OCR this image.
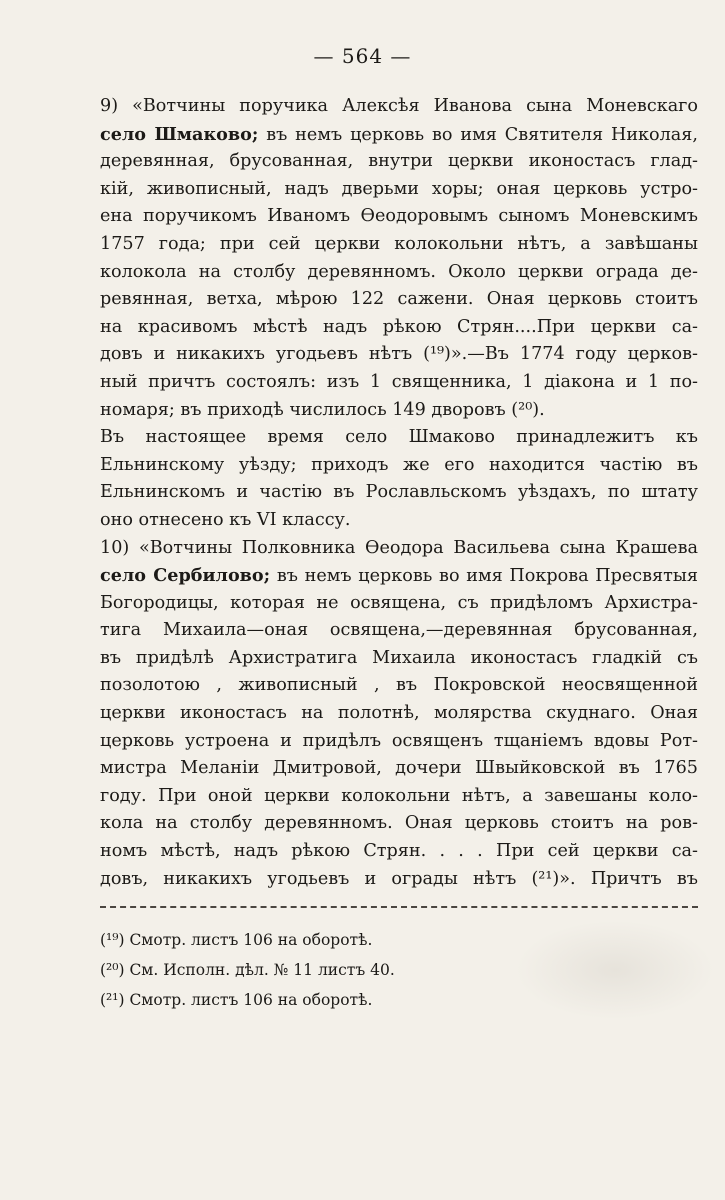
— 564 —
9) «Вотчины поручика Алексѣя Иванова сына Моневскаго
село Шмаково; въ немъ церковь во имя Святителя Николая,
деревянная, брусованная, внутри церкви иконостасъ глад-
кій, живописный, надъ дверьми хоры; оная церковь устро-
ена поручикомъ Иваномъ Ѳеодоровымъ сыномъ Моневскимъ
1757 года; при сей церкви колокольни нѣтъ, а завѣшаны
колокола на столбу деревянномъ. Около церкви ограда де-
ревянная, ветха, мѣрою 122 сажени. Оная церковь стоитъ
на красивомъ мѣстѣ надъ рѣкою Стрян....При церкви са-
довъ и никакихъ угодьевъ нѣтъ (¹⁹)».—Въ 1774 году церков-
ный причтъ состоялъ: изъ 1 священника, 1 діакона и 1 по-
номаря; въ приходѣ числилось 149 дворовъ (²⁰).
Въ настоящее время село Шмаково принадлежитъ къ
Ельнинскому уѣзду; приходъ же его находится частію въ
Ельнинскомъ и частію въ Рославльскомъ уѣздахъ, по штату
оно отнесено къ VI классу.
10) «Вотчины Полковника Ѳеодора Васильева сына Крашева
село Сербилово; въ немъ церковь во имя Покрова Пресвятыя
Богородицы, которая не освящена, съ придѣломъ Архистра-
тига Михаила—оная освящена,—деревянная брусованная,
въ придѣлѣ Архистратига Михаила иконостасъ гладкій съ
позолотою , живописный , въ Покровской неосвященной
церкви иконостасъ на полотнѣ, молярства скуднаго. Оная
церковь устроена и придѣлъ освященъ тщаніемъ вдовы Рот-
мистра Меланіи Дмитровой, дочери Швыйковской въ 1765
году. При оной церкви колокольни нѣтъ, а завешаны коло-
кола на столбу деревянномъ. Оная церковь стоитъ на ров-
номъ мѣстѣ, надъ рѣкою Стрян. . . . При сей церкви са-
довъ, никакихъ угодьевъ и ограды нѣтъ (²¹)». Причтъ въ
(¹⁹) Смотр. листъ 106 на оборотѣ.
(²⁰) См. Исполн. дѣл. № 11 листъ 40.
(²¹) Смотр. листъ 106 на оборотѣ.
